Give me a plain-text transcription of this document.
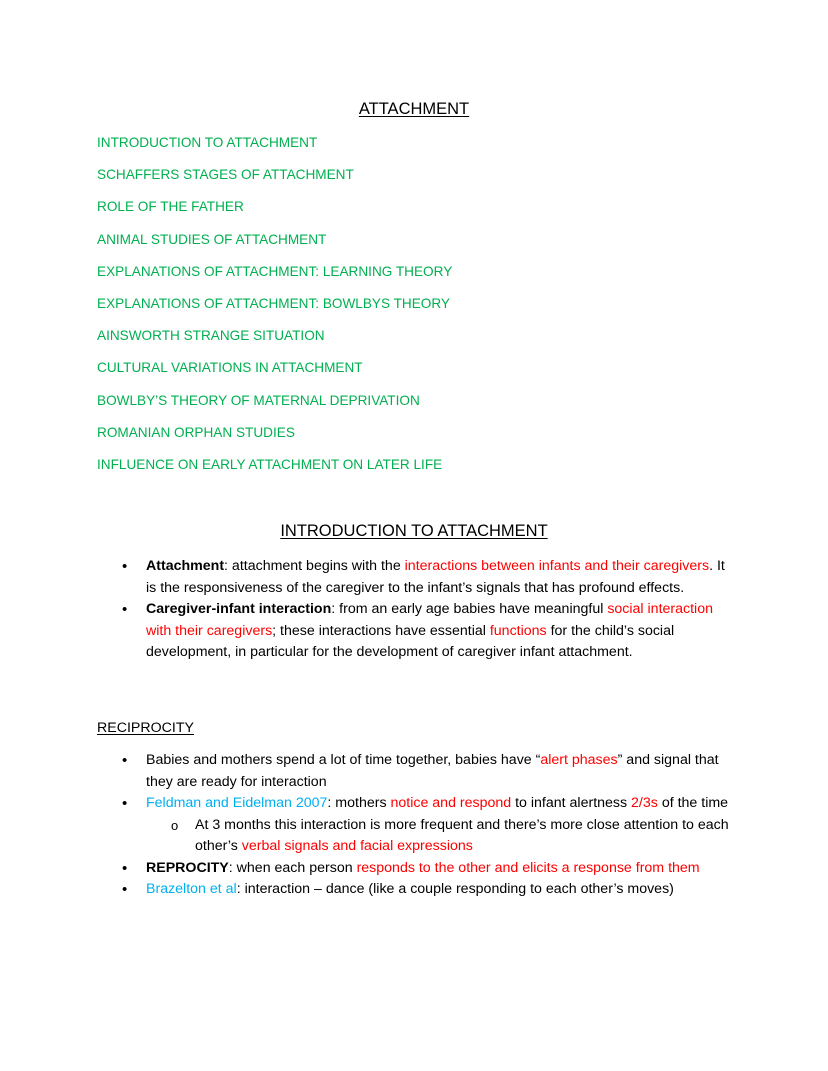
ATTACHMENT
INTRODUCTION TO ATTACHMENT
SCHAFFERS STAGES OF ATTACHMENT
ROLE OF THE FATHER
ANIMAL STUDIES OF ATTACHMENT
EXPLANATIONS OF ATTACHMENT: LEARNING THEORY
EXPLANATIONS OF ATTACHMENT: BOWLBYS THEORY
AINSWORTH STRANGE SITUATION
CULTURAL VARIATIONS IN ATTACHMENT
BOWLBY’S THEORY OF MATERNAL DEPRIVATION
ROMANIAN ORPHAN STUDIES
INFLUENCE ON EARLY ATTACHMENT ON LATER LIFE
INTRODUCTION TO ATTACHMENT
• Attachment: attachment begins with the interactions between infants and their caregivers. It is the responsiveness of the caregiver to the infant’s signals that has profound effects.
• Caregiver-infant interaction: from an early age babies have meaningful social interaction with their caregivers; these interactions have essential functions for the child’s social development, in particular for the development of caregiver infant attachment.
RECIPROCITY
• Babies and mothers spend a lot of time together, babies have “alert phases” and signal that they are ready for interaction
• Feldman and Eidelman 2007: mothers notice and respond to infant alertness 2/3s of the time
o At 3 months this interaction is more frequent and there’s more close attention to each other’s verbal signals and facial expressions
• REPROCITY: when each person responds to the other and elicits a response from them
• Brazelton et al: interaction – dance (like a couple responding to each other’s moves)
